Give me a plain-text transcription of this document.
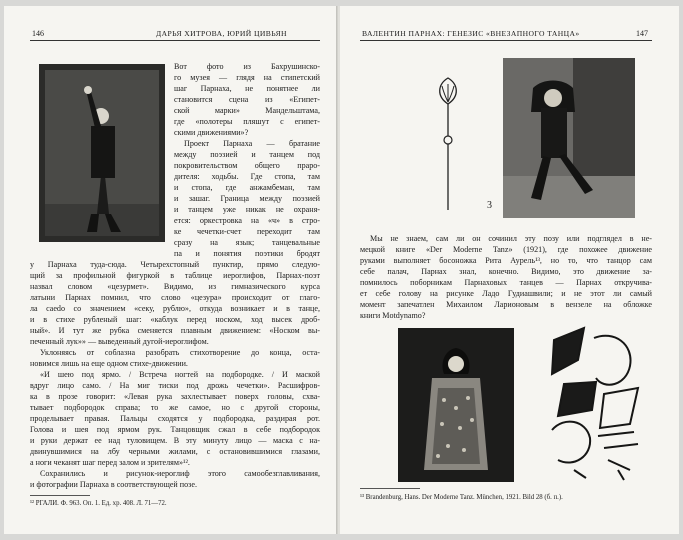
146	ДАРЬЯ ХИТРОВА, ЮРИЙ ЦИВЬЯН
Вот фото из Бахрушинско-
го музея — глядя на стипетский
шаг Парнаха, не понятнее ли
становится сцена из «Египет-
ской марки» Мандельштама,
где «полотеры пляшут с египет-
скими движениями»?
Проект Парнаха — братание
между поэзией и танцем под
покровительством общего праро-
дителя: ходьбы. Где стопа, там
и стопа, где анжамбеман, там
и зашаг. Граница между поэзией
и танцем уже никак не охраня-
ется: оркестровка на «ч» в стро-
ке чечетки-счет переходит там
сразу на язык; танцевальные
па и понятия поэтики бродят
у Парнаха туда-сюда. Четырехстопный пунктир, прямо следую-
щий за профильной фигуркой в таблице иероглифов, Парнах-поэт
назвал словом «цезурмет». Видимо, из гимназического курса
латыни Парнах помнил, что слово «цезура» происходит от глаго-
ла caedo со значением «секу, рублю», откуда возникает и в танце,
и в стихе рубленый шаг: «каблук перед носком, ход высек дроб-
ный». И тут же рубка сменяется плавным движением: «Носком вы-
печенный лук»» — выведенный дугой-иероглифом.
Уклоняясь от соблазна разобрать стихотворение до конца, оста-
новимся лишь на еще одном стихе-движении.
«И шею под ярмо. / Встреча ногтей на подбородке. / И маской
вдруг лицо само. / На миг тиски под дрожь чечетки». Расшифров-
ка в прозе говорит: «Левая рука захлестывает поверх головы, схва-
тывает подбородок справа; то же самое, но с другой стороны,
проделывает правая. Пальцы сходятся у подбородка, раздирая рот.
Голова и шея под ярмом рук. Танцовщик сжал в себе подбородок
и руки держат ее над туловищем. В эту минуту лицо — маска с на-
двинувшимися на лбу черными жилами, с остановившимися глазами,
а ноги чеканят шаг перед залом и зрителям»¹².
Сохранились и рисунок-иероглиф этого самообезглавливания,
и фотографии Парнаха в соответствующей позе.
¹² РГАЛИ. Ф. 963. Оп. 1. Ед. хр. 408. Л. 71—72.
ВАЛЕНТИН ПАРНАХ: ГЕНЕЗИС «ВНЕЗАПНОГО ТАНЦА»	147
3
Мы не знаем, сам ли он сочинил эту позу или подглядел в не-
мецкой книге «Der Moderne Tanz» (1921), где похожее движение
руками выполняет босоножка Рита Аурель¹³, но то, что танцор сам
себе палач, Парнах знал, конечно. Видимо, это движение за-
помнилось поборникам Парнаховых танцев — Парнах откручива-
ет себе голову на рисунке Ладо Гудиашвили; и не этот ли самый
момент запечатлен Михаилом Ларионовым в вензеле на обложке
книги Motdynamo?
¹³ Brandenburg, Hans. Der Moderne Tanz. München, 1921. Bild 28 (б. п.).
